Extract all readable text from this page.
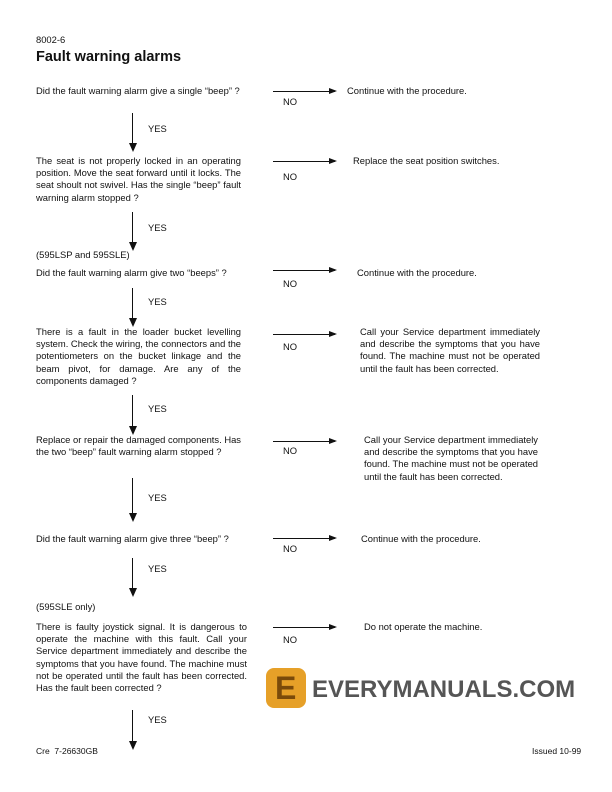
8002-6
Fault warning alarms
Did the fault warning alarm give a single “beep” ?
NO
Continue with the procedure.
YES
The seat is not properly locked in an operating position. Move the seat forward until it locks. The seat shoult not swivel. Has the single “beep” fault warning alarm stopped ?
NO
Replace the seat position switches.
YES
(595LSP and 595SLE)
Did the fault warning alarm give two “beeps” ?
NO
Continue with the procedure.
YES
There is a fault in the loader bucket levelling system. Check the wiring, the connectors and the potentiometers on the bucket linkage and the beam pivot, for damage. Are any of the components damaged ?
NO
Call your Service department immediately and describe the symptoms that you have found. The machine must not be operated until the fault has been corrected.
YES
Replace or repair the damaged components. Has the two “beep” fault warning alarm stopped ?	NO
Call your Service department immediately and describe the symptoms that you have found. The machine must not be operated until the fault has been corrected.
YES
Did the fault warning alarm give three “beep” ?
NO
Continue with the procedure.
YES
(595SLE only)
There is faulty joystick signal. It is dangerous to operate the machine with this fault. Call your Service department immediately and describe the symptoms that you have found. The machine must not be operated until the fault has been corrected. Has the fault been corrected ?
NO
Do not operate the machine.
YES
Cre  7-26630GB	Issued 10-99
E EVERYMANUALS.COM
